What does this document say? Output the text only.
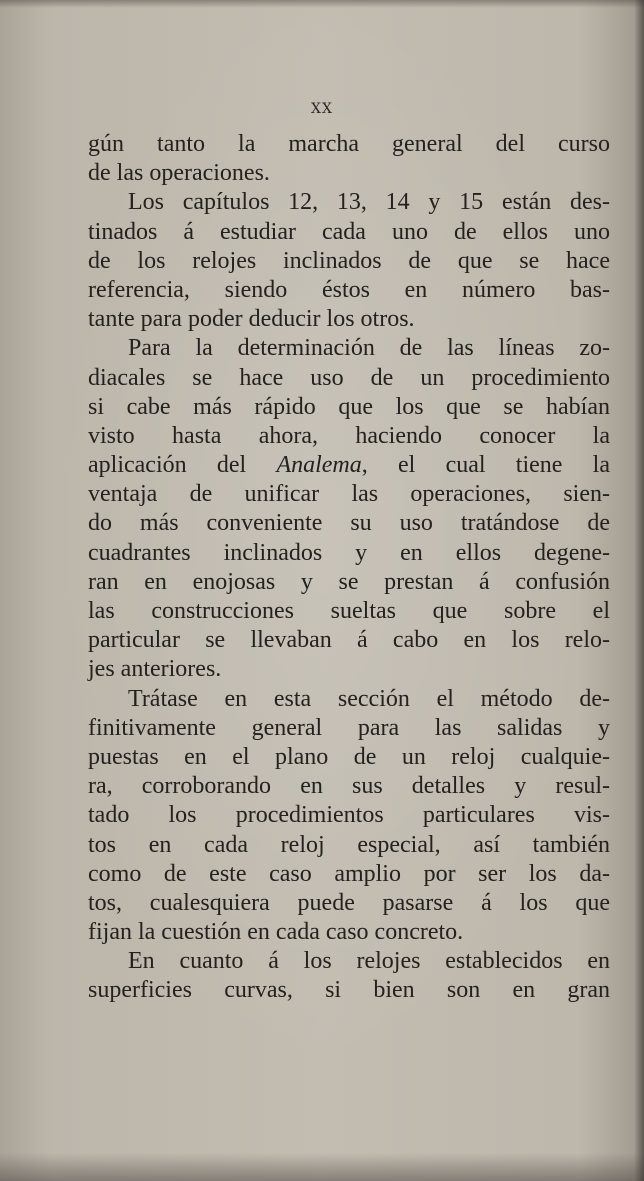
XX
gún tanto la marcha general del curso
de las operaciones.
Los capítulos 12, 13, 14 y 15 están des-
tinados á estudiar cada uno de ellos uno
de los relojes inclinados de que se hace
referencia, siendo éstos en número bas-
tante para poder deducir los otros.
Para la determinación de las líneas zo-
diacales se hace uso de un procedimiento
si cabe más rápido que los que se habían
visto hasta ahora, haciendo conocer la
aplicación del Analema, el cual tiene la
ventaja de unificar las operaciones, sien-
do más conveniente su uso tratándose de
cuadrantes inclinados y en ellos degene-
ran en enojosas y se prestan á confusión
las construcciones sueltas que sobre el
particular se llevaban á cabo en los relo-
jes anteriores.
Trátase en esta sección el método de-
finitivamente general para las salidas y
puestas en el plano de un reloj cualquie-
ra, corroborando en sus detalles y resul-
tado los procedimientos particulares vis-
tos en cada reloj especial, así también
como de este caso amplio por ser los da-
tos, cualesquiera puede pasarse á los que
fijan la cuestión en cada caso concreto.
En cuanto á los relojes establecidos en
superficies curvas, si bien son en gran
